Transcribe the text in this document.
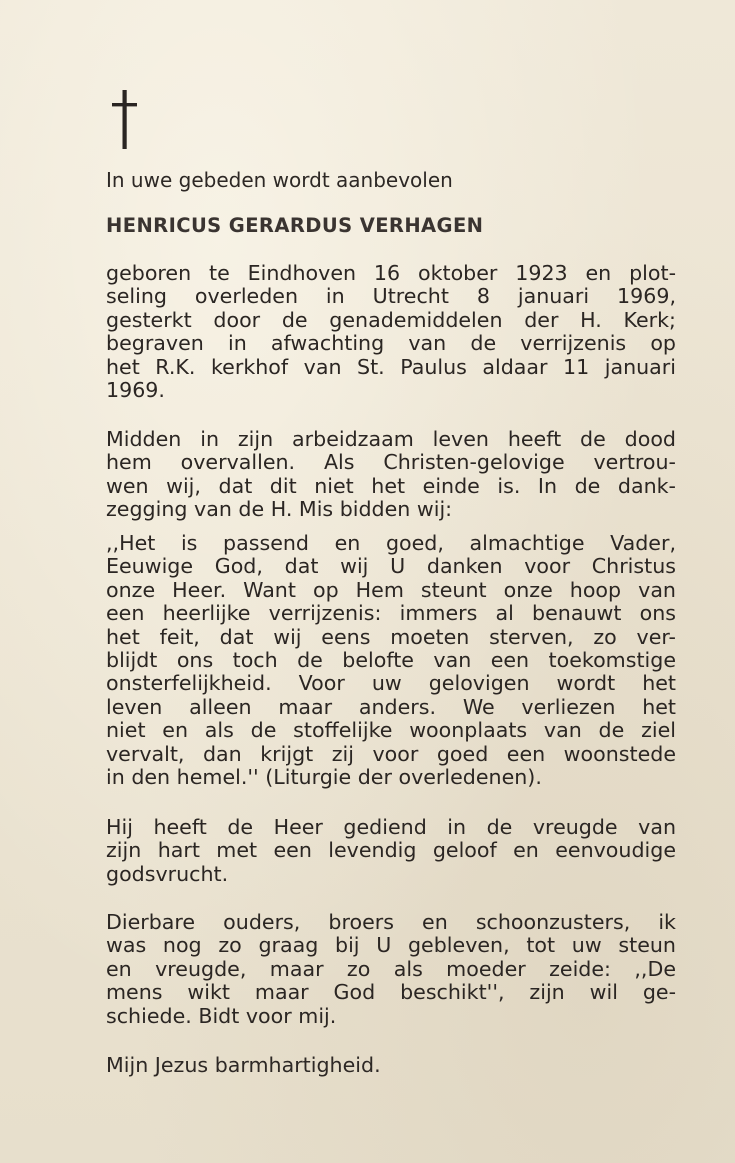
In uwe gebeden wordt aanbevolen
HENRICUS GERARDUS VERHAGEN
geboren te Eindhoven 16 oktober 1923 en plot-
seling overleden in Utrecht 8 januari 1969,
gesterkt door de genademiddelen der H. Kerk;
begraven in afwachting van de verrijzenis op
het R.K. kerkhof van St. Paulus aldaar 11 januari
1969.
Midden in zijn arbeidzaam leven heeft de dood
hem overvallen. Als Christen-gelovige vertrou-
wen wij, dat dit niet het einde is. In de dank-
zegging van de H. Mis bidden wij:
,,Het is passend en goed, almachtige Vader,
Eeuwige God, dat wij U danken voor Christus
onze Heer. Want op Hem steunt onze hoop van
een heerlijke verrijzenis: immers al benauwt ons
het feit, dat wij eens moeten sterven, zo ver-
blijdt ons toch de belofte van een toekomstige
onsterfelijkheid. Voor uw gelovigen wordt het
leven alleen maar anders. We verliezen het
niet en als de stoffelijke woonplaats van de ziel
vervalt, dan krijgt zij voor goed een woonstede
in den hemel.'' (Liturgie der overledenen).
Hij heeft de Heer gediend in de vreugde van
zijn hart met een levendig geloof en eenvoudige
godsvrucht.
Dierbare ouders, broers en schoonzusters, ik
was nog zo graag bij U gebleven, tot uw steun
en vreugde, maar zo als moeder zeide: ,,De
mens wikt maar God beschikt'', zijn wil ge-
schiede. Bidt voor mij.
Mijn Jezus barmhartigheid.
